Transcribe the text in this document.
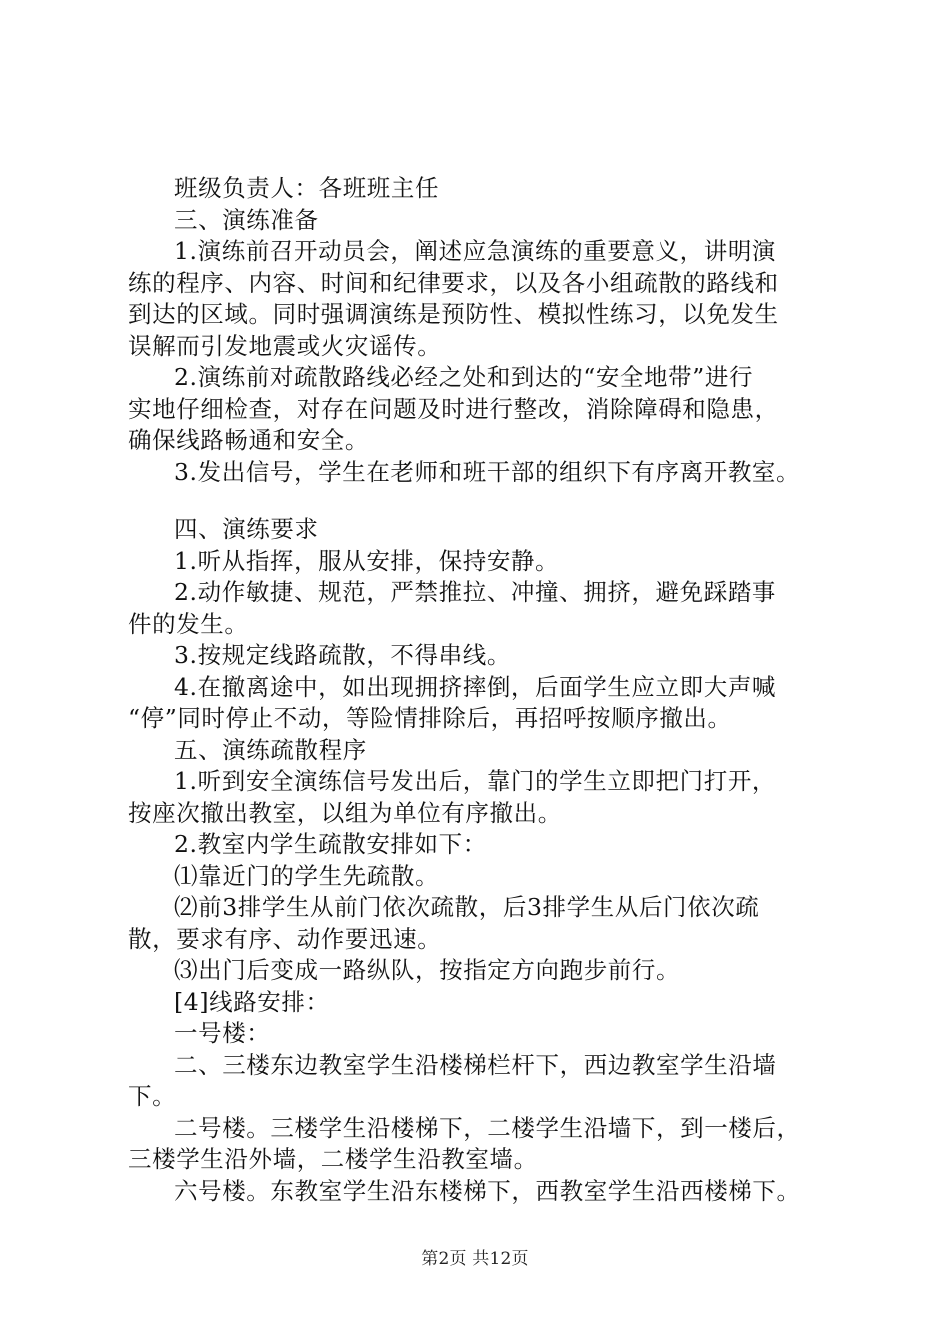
班级负责人：各班班主任
三、演练准备
1.演练前召开动员会，阐述应急演练的重要意义，讲明演
练的程序、内容、时间和纪律要求，以及各小组疏散的路线和
到达的区域。同时强调演练是预防性、模拟性练习，以免发生
误解而引发地震或火灾谣传。
2.演练前对疏散路线必经之处和到达的“安全地带”进行
实地仔细检查，对存在问题及时进行整改，消除障碍和隐患，
确保线路畅通和安全。
3.发出信号，学生在老师和班干部的组织下有序离开教室。
四、演练要求
1.听从指挥，服从安排，保持安静。
2.动作敏捷、规范，严禁推拉、冲撞、拥挤，避免踩踏事
件的发生。
3.按规定线路疏散，不得串线。
4.在撤离途中，如出现拥挤摔倒，后面学生应立即大声喊
“停”同时停止不动，等险情排除后，再招呼按顺序撤出。
五、演练疏散程序
1.听到安全演练信号发出后，靠门的学生立即把门打开，
按座次撤出教室，以组为单位有序撤出。
2.教室内学生疏散安排如下：
⑴靠近门的学生先疏散。
⑵前3排学生从前门依次疏散，后3排学生从后门依次疏
散，要求有序、动作要迅速。
⑶出门后变成一路纵队，按指定方向跑步前行。
[4]线路安排：
一号楼：
二、三楼东边教室学生沿楼梯栏杆下，西边教室学生沿墙
下。
二号楼。三楼学生沿楼梯下，二楼学生沿墙下，到一楼后，
三楼学生沿外墙，二楼学生沿教室墙。
六号楼。东教室学生沿东楼梯下，西教室学生沿西楼梯下。
第2页 共12页
